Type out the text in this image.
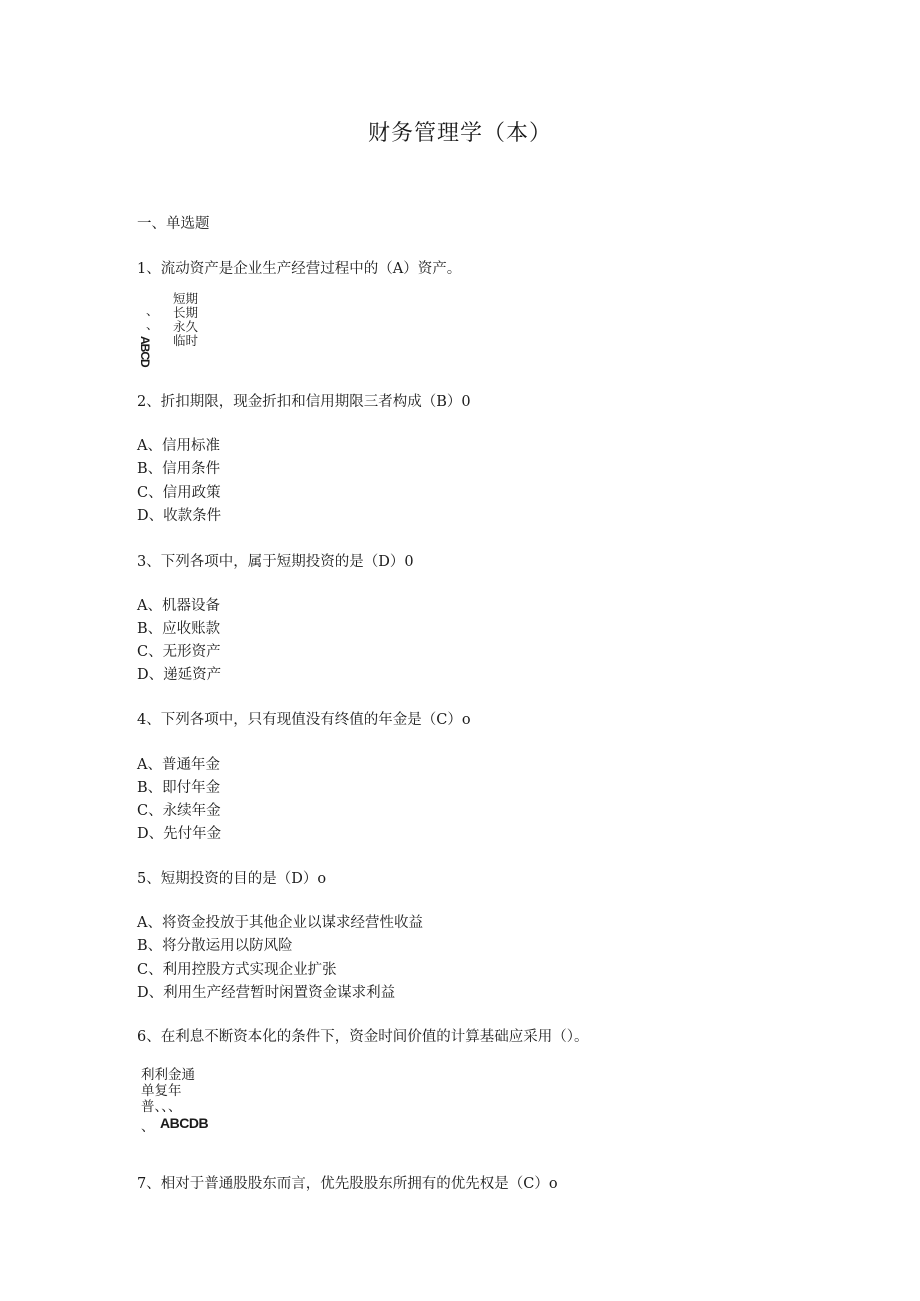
财务管理学（本）
一、单选题
1、流动资产是企业生产经营过程中的（A）资产。
短期
长期
永久
临时
、
、
ABCD
2、折扣期限，现金折扣和信用期限三者构成（B）0
A、信用标准
B、信用条件
C、信用政策
D、收款条件
3、下列各项中，属于短期投资的是（D）0
A、机器设备
B、应收账款
C、无形资产
D、递延资产
4、下列各项中，只有现值没有终值的年金是（C）o
A、普通年金
B、即付年金
C、永续年金
D、先付年金
5、短期投资的目的是（D）o
A、将资金投放于其他企业以谋求经营性收益
B、将分散运用以防风险
C、利用控股方式实现企业扩张
D、利用生产经营暂时闲置资金谋求利益
6、在利息不断资本化的条件下，资金时间价值的计算基础应采用（）。
利利金通
单复年
普、、、
、 ABCDB
7、相对于普通股股东而言，优先股股东所拥有的优先权是（C）o
